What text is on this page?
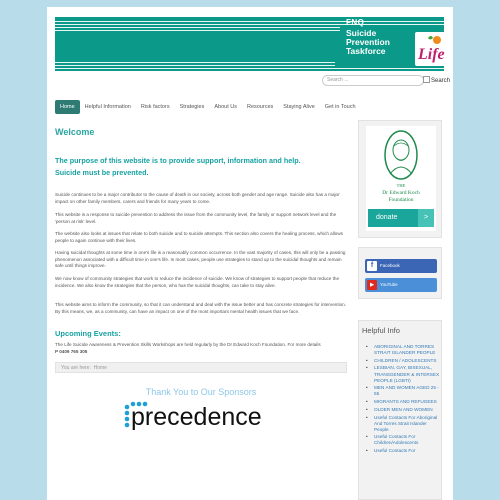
FNQ
Suicide
Prevention
Taskforce	Life
Search ...	Search
Home	Helpful Information	Risk factors	Strategies	About Us	Resources	Staying Alive	Get in Touch
Welcome
The purpose of this website is to provide support, information and help.
Suicide must be prevented.

Suicide continues to be a major contributor to the cause of death in our society, across both gender and age range. Suicide also has a major impact on other family members, carers and friends for many years to come.

This website is a response to suicide prevention to address the issue from the community level, the family or support network level and the 'person at risk' level.

The website also looks at issues that relate to both suicide and to suicide attempts. This section also covers the healing process, which allows people to again continue with their lives.

Having suicidal thoughts at some time in one's life is a reasonably common occurrence. In the vast majority of cases, this will only be a passing phenomenon associated with a difficult time in one's life. In most cases, people use strategies to stand up to the suicidal thoughts and remain safe until things improve.

We now know of community strategies that work to reduce the incidence of suicide. We know of strategies to support people that reduce the incidence. We also know the strategies that the person, who has the suicidal thoughts, can take to stay alive.

This website aims to inform the community, so that it can understand and deal with the issue better and has concrete strategies for intervention. By this means, we, as a community, can have an impact on one of the most important mental health issues that we face.

Upcoming Events:

The Life Suicide Awareness & Prevention Skills Workshops are held regularly by the Dr Edward Koch Foundation. For more details
P 0409 765 305

You are here: Home
Thank You to Our Sponsors
precedence
THE
Dr Edward Koch
Foundation
donate	>
f	Facebook
▶	YouTube
Helpful Info
• ABORIGINAL AND TORRES STRAIT ISLANDER PEOPLE
• CHILDREN / ADOLESCENTS
• LESBIAN, GAY, BISEXUAL, TRANSGENDER & INTERSEX PEOPLE (LGBTI)
• MEN AND WOMEN AGED 25 - 55
• MIGRANTS AND REFUGEES
• OLDER MEN AND WOMEN
• Useful Contacts For Aboriginal And Torres Strait Islander People
• Useful Contacts For Children/Adolescents
• Useful Contacts For
